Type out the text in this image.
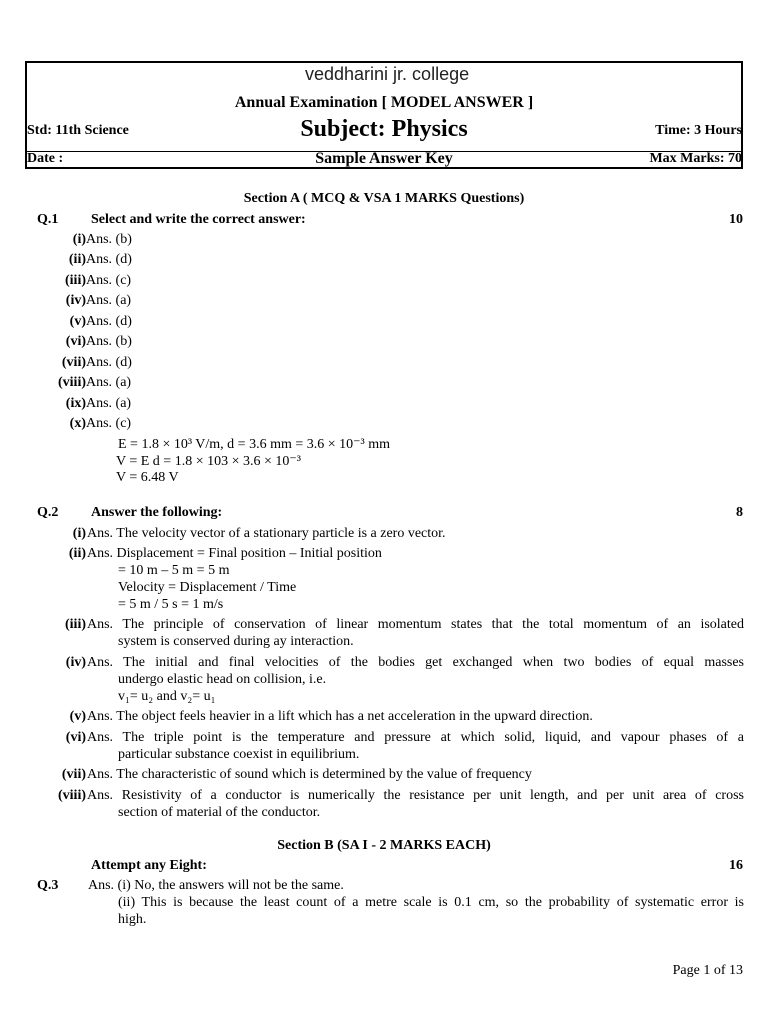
veddharini jr. college
Annual Examination [ MODEL ANSWER ]
Std: 11th Science	Subject: Physics	Time: 3 Hours
Date :	Sample Answer Key	Max Marks: 70
Section A ( MCQ & VSA 1 MARKS Questions)
Q.1 Select and write the correct answer:	10
(i)Ans. (b)
(ii)Ans. (d)
(iii)Ans. (c)
(iv)Ans. (a)
(v)Ans. (d)
(vi)Ans. (b)
(vii)Ans. (d)
(viii)Ans. (a)
(ix)Ans. (a)
(x)Ans. (c)
E = 1.8 × 10³ V/m, d = 3.6 mm = 3.6 × 10⁻³ mm
V = E d = 1.8 × 103 × 3.6 × 10⁻³
V = 6.48 V
Q.2 Answer the following:	8
(i) Ans. The velocity vector of a stationary particle is a zero vector.
(ii) Ans. Displacement = Final position – Initial position
= 10 m – 5 m = 5 m
Velocity = Displacement / Time
= 5 m / 5 s = 1 m/s
(iii) Ans. The principle of conservation of linear momentum states that the total momentum of an isolated
system is conserved during ay interaction.
(iv) Ans. The initial and final velocities of the bodies get exchanged when two bodies of equal masses
undergo elastic head on collision, i.e.
v₁= u₂ and v₂= u₁
(v) Ans. The object feels heavier in a lift which has a net acceleration in the upward direction.
(vi) Ans. The triple point is the temperature and pressure at which solid, liquid, and vapour phases of a
particular substance coexist in equilibrium.
(vii) Ans. The characteristic of sound which is determined by the value of frequency
(viii) Ans. Resistivity of a conductor is numerically the resistance per unit length, and per unit area of cross
section of material of the conductor.
Section B (SA I - 2 MARKS EACH)
Attempt any Eight:	16
Q.3 Ans. (i) No, the answers will not be the same.
(ii) This is because the least count of a metre scale is 0.1 cm, so the probability of systematic error is
high.
Page 1 of 13
